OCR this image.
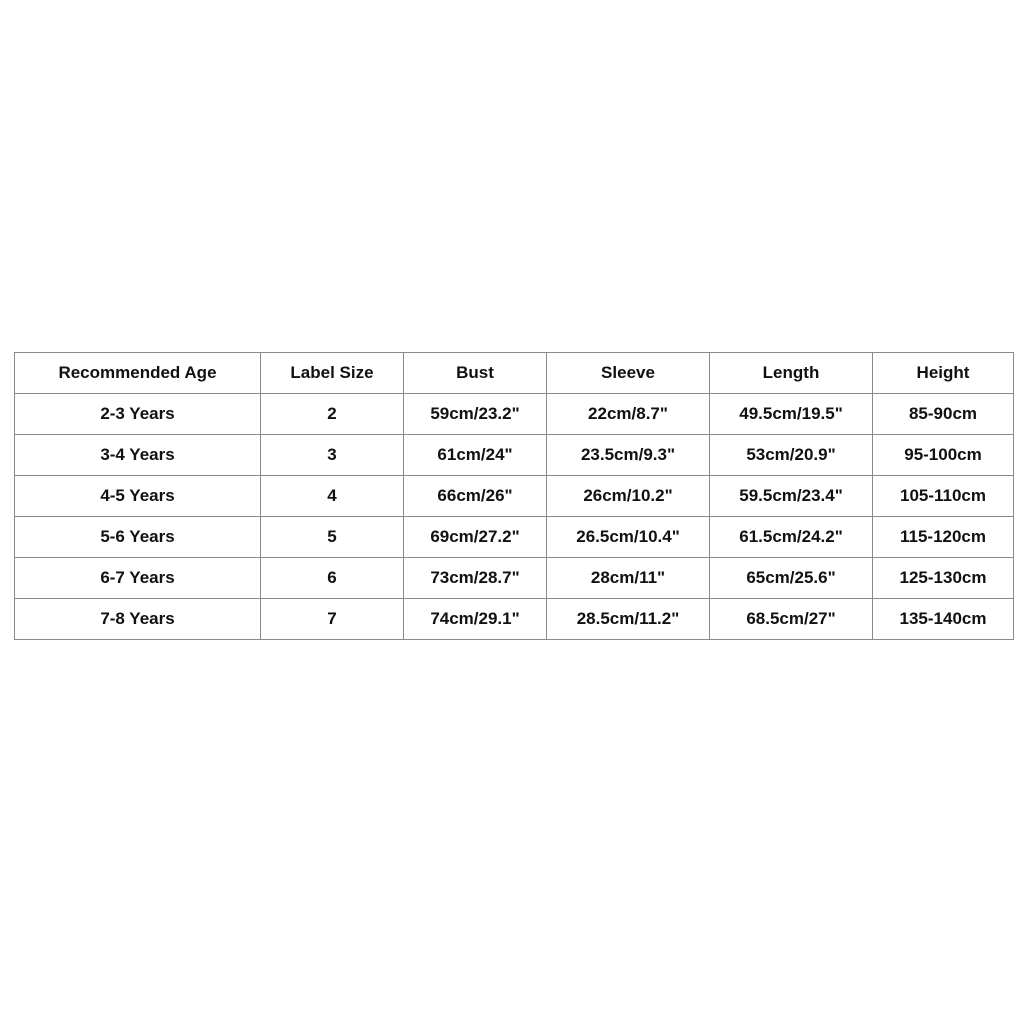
Recommended Age	Label Size	Bust	Sleeve	Length	Height
2-3 Years	2	59cm/23.2"	22cm/8.7"	49.5cm/19.5"	85-90cm
3-4 Years	3	61cm/24"	23.5cm/9.3"	53cm/20.9"	95-100cm
4-5 Years	4	66cm/26"	26cm/10.2"	59.5cm/23.4"	105-110cm
5-6 Years	5	69cm/27.2"	26.5cm/10.4"	61.5cm/24.2"	115-120cm
6-7 Years	6	73cm/28.7"	28cm/11"	65cm/25.6"	125-130cm
7-8 Years	7	74cm/29.1"	28.5cm/11.2"	68.5cm/27"	135-140cm
